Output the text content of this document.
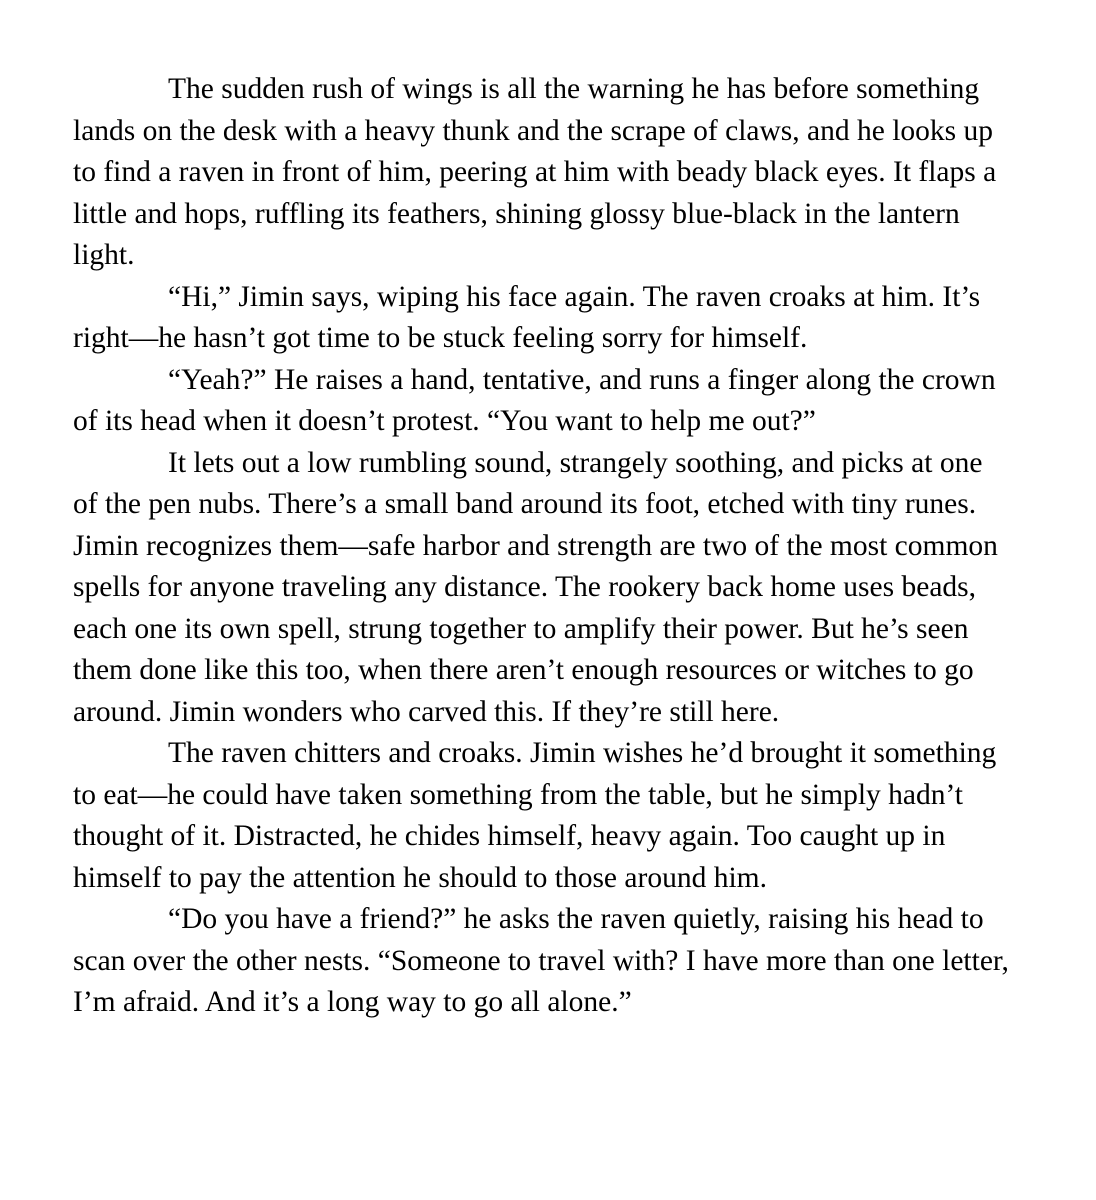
The sudden rush of wings is all the warning he has before something lands on the desk with a heavy thunk and the scrape of claws, and he looks up to find a raven in front of him, peering at him with beady black eyes. It flaps a little and hops, ruffling its feathers, shining glossy blue-black in the lantern light.

“Hi,” Jimin says, wiping his face again. The raven croaks at him. It’s right—he hasn’t got time to be stuck feeling sorry for himself.

“Yeah?” He raises a hand, tentative, and runs a finger along the crown of its head when it doesn’t protest. “You want to help me out?”

It lets out a low rumbling sound, strangely soothing, and picks at one of the pen nubs. There’s a small band around its foot, etched with tiny runes. Jimin recognizes them—safe harbor and strength are two of the most common spells for anyone traveling any distance. The rookery back home uses beads, each one its own spell, strung together to amplify their power. But he’s seen them done like this too, when there aren’t enough resources or witches to go around. Jimin wonders who carved this. If they’re still here.

The raven chitters and croaks. Jimin wishes he’d brought it something to eat—he could have taken something from the table, but he simply hadn’t thought of it. Distracted, he chides himself, heavy again. Too caught up in himself to pay the attention he should to those around him.

“Do you have a friend?” he asks the raven quietly, raising his head to scan over the other nests. “Someone to travel with? I have more than one letter, I’m afraid. And it’s a long way to go all alone.”
